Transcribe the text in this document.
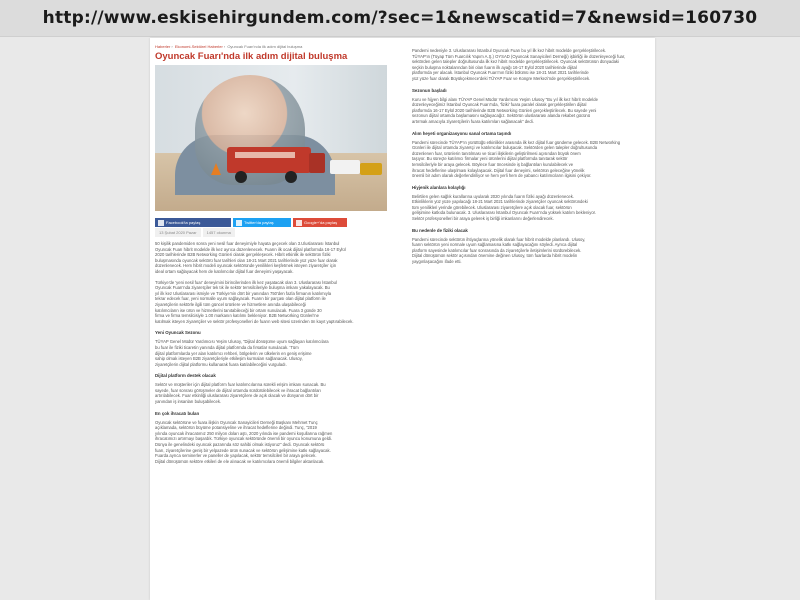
http://www.eskisehirgundem.com/?sec=1&newscatid=7&newsid=160730
Haberler› Ekonomi-Sektörel Haberler› Oyuncak Fuarı'nda ilk adım dijital buluşma
Oyuncak Fuarı'nda ilk adım dijital buluşma
Facebook'ta paylaş	Twitter'da paylaş	Google+'da paylaş
13 Şubat 2020 Pazar	1457 okunma
50 kişilik pandemiden sonra yeni nesil fuar deneyimiyle hayata geçecek olan 3.Uluslararası İstanbul
Oyuncak Fuarı hibrit modelde ilk kez ayrıca düzenlenecek. Fuarın ilk ocak dijital platformda 16-17 Eylül
2020 tarihlerinde B2B Networking Günleri olarak gerçekleşecek. Hibrit etkinlik ile sektörün fiziki
buluşmasında oyuncak sektörü fuar tarihleri olan 18-21 Mart 2021 tarihlerinde yüz yüze fuar olarak
düzenlenecek. Hem hibrit modeli oyuncak sektöründe yenilikleri keşfetmek isteyen ziyaretçiler için
ideal ortam sağlayacak hem de katılımcılar dijital fuar deneyimi yaşayacak.
Türkiye'de 'yeni nesil fuar' deneyimini birincilerinden ilk kez yaşatacak olan 3. Uluslararası İstanbul
Oyuncak Fuarı'nda ziyaretçiler tek tık ile sektör temsilcileriyle buluşma imkanı yakalayacak. Bu
yıl ilk kez Uluslararası ismiyle ve Türkiye'nin dört bir yanından 750'den fazla firmanın katılımıyla
tekrar edecek fuar, yeni normalle uyum sağlayacak. Fuarın bir parçası olan dijital platform ile
ziyaretçilerin sektörle ilgili tüm güncel ürünlere ve hizmetlere anında ulaşabileceği
katılımcıların ise ürün ve hizmetlerini tanıtabileceği bir ortam sunulacak. Fuara 3 günde 30
firma ve firma temsilcisiyle 1.00 markanın katılımı bekleniyor. B2B Networking Günleri'ne
katılmak isteyen ziyaretçiler ve sektör profesyonelleri de fuarın web sitesi üzerinden ön kayıt yaptırabilecek.
Yeni Oyuncak Sezonu
TÜYAP Genel Müdür Yardımcısı Yeşim Ulusoy, "Dijital dönüşüme uyum sağlayan katılımcılara
bu fuar ile fiziki ticaretin yanında dijital platformda da fırsatlar sunulacak. 'Tüm
dijital platformlarda yer alan katılımcı rehberi, bölgelerin ve ülkelerin en geniş erişime
sahip olmak isteyen B2B ziyaretçileriyle etkileşim kurmaları sağlanacak. Ulusoy,
ziyaretçilerin dijital platformu kullanarak fuara katılabileceğini vurguladı.
Dijital platform destek olacak
Sektör ve müşteriler için dijital platform fuar katılımcılarına sürekli erişim imkanı sunacak. Bu
sayede, fuar sonrası görüşmeler de dijital ortamda sürdürülebilecek ve ihracat bağlantıları
artırılabilecek. Fuar etkinliği uluslararası ziyaretçilere de açık olacak ve dünyanın dört bir
yanından iş insanları buluşabilecek.
En çok ihracatı bulan
Oyuncak sektörüne ve fuara ilişkin Oyuncak Sanayicileri Derneği Başkanı Mehmet Tunç
açıklamada, sektörün büyüme potansiyeline ve ihracat hedeflerine değindi. Tunç, "2019
yılında oyuncak ihracatımız 250 milyon doları aştı, 2020 yılında ise pandemi koşullarına rağmen
ihracatımızı artırmayı başardık. Türkiye oyuncak sektöründe önemli bir oyuncu konumuna geldi.
Dünya ile genelindeki oyuncak pazarında söz sahibi olmak istiyoruz" dedi. Oyuncak sektörü
fuarı, ziyaretçilerine geniş bir yelpazede ürün sunacak ve sektörün gelişimine katkı sağlayacak.
Fuarda ayrıca seminerler ve paneller de yapılacak, sektör temsilcileri bir araya gelecek.
Dijital dönüşümün sektöre etkileri de ele alınacak ve katılımcılara önemli bilgiler aktarılacak.
Pandemi nedeniyle 3. Uluslararası İstanbul Oyuncak Fuarı bu yıl ilk kez hibrit modelde gerçekleştirilecek.
TÜYAP'ın (Tüyap Tüm Fuarcılık Yapım A.Ş.) OYSAD (Oyuncak Sanayicileri Derneği) işbirliği ile düzenleyeceği fuar,
sektörden gelen talepler doğrultusunda ilk kez hibrit modelde gerçekleştirilecek. Oyuncak sektörünün dünyadaki
seçkin buluşma noktalarından biri olan fuarın ilk ayağı 16-17 Eylül 2020 tarihlerinde dijital
platformda yer alacak. İstanbul Oyuncak Fuarı'nın fiziki bölümü ise 18-21 Mart 2021 tarihlerinde
yüz yüze fuar olarak Büyükçekmece'deki TÜYAP Fuar ve Kongre Merkezi'nde gerçekleştirilecek.
Sezonun başladı
Kuru ve hijyen bilgi alanı TÜYAP Genel Müdür Yardımcısı Yeşim Ulusoy "Bu yıl ilk kez hibrit modelde
düzenleyeceğimiz İstanbul Oyuncak Fuarı'nda, 'fiziki' fuara paralel olarak gerçekleştirilen dijital
platformda 16-17 Eylül 2020 tarihlerinde B2B Networking Günleri gerçekleştirilecek. Bu sayede yeni
sezonun dijital ortamda başlamasını sağlayacağız. Sektörün uluslararası alanda rekabet gücünü
artırmak amacıyla ziyaretçilerin fuara katılımları sağlanacak" dedi.
Alım heyeti organizasyonu sanal ortama taşındı
Pandemi sürecinde TÜYAP'ın yürüttüğü etkinlikler arasında ilk kez dijital fuar gündeme gelecek. B2B Networking
Günleri ile dijital ortamda ziyaretçi ve katılımcılar buluşacak. Sektörden gelen talepler doğrultusunda
düzenlenen fuar, ürünlerin tanıtılması ve ticari ilişkilerin geliştirilmesi açısından büyük önem
taşıyor. Bu süreçte katılımcı firmalar yeni ürünlerini dijital platformda tanıtarak sektör
temsilcileriyle bir araya gelecek. Böylece fuar öncesinde iş bağlantıları kurulabilecek ve
ihracat hedeflerine ulaşılması kolaylaşacak. Dijital fuar deneyimi, sektörün geleceğine yönelik
önemli bir adım olarak değerlendiriliyor ve hem yerli hem de yabancı katılımcıların ilgisini çekiyor.
Hiyjenik alanlara kolaylığı
Belirtilen gelen sağlık kurallarına uyularak 2020 yılında fuarın fiziki ayağı düzenlenecek.
Etkinliklerin yüz yüze yapılacağı 18-21 Mart 2021 tarihlerinde ziyaretçiler oyuncak sektöründeki
tüm yenilikleri yerinde görebilecek. Uluslararası ziyaretçilere açık olacak fuar, sektörün
gelişimine katkıda bulunacak. 3. Uluslararası İstanbul Oyuncak Fuarı'nda yüksek katılım bekleniyor.
Sektör profesyonelleri bir araya gelerek iş birliği imkanlarını değerlendirecek.
Bu nedenle de fiziki olacak
Pandemi sürecinde sektörün ihtiyaçlarına yönelik olarak fuar hibrit modelde planlandı. Ulusoy,
fuarın sektörün yeni normale uyum sağlamasına katkı sağlayacağını söyledi. Ayrıca dijital
platform sayesinde katılımcılar fuar sonrasında da ziyaretçilerle iletişimlerini sürdürebilecek.
Dijital dönüşümün sektör açısından önemine değinen Ulusoy, tüm fuarlarda hibrit modelin
yaygınlaşacağını ifade etti.
